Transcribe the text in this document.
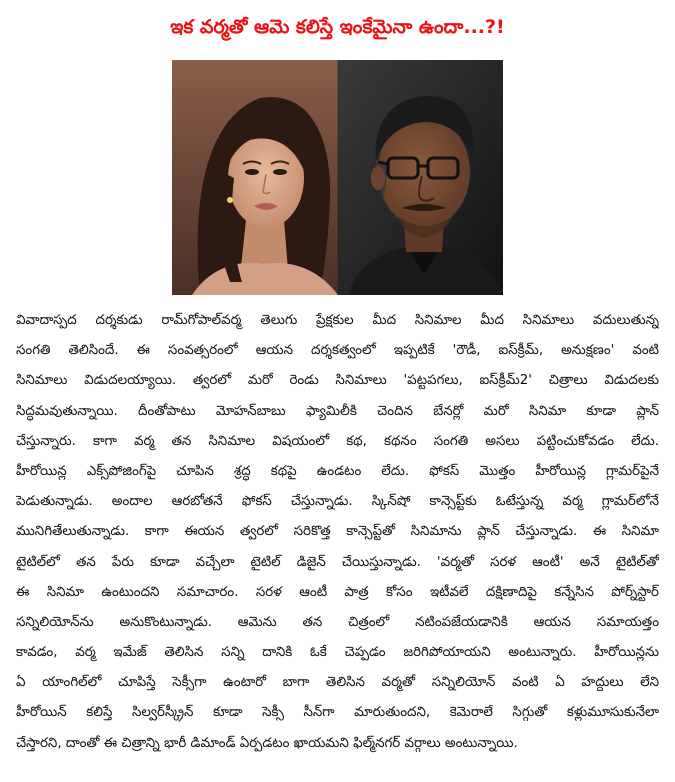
ఇక వర్మతో ఆమె కలిస్తే ఇంకేమైనా ఉందా...?!
వివాదాస్పద దర్శకుడు రామ్‌గోపాల్‌వర్మ తెలుగు ప్రేక్షకుల మీద సినిమాల మీద సినిమాలు వదులుతున్న
సంగతి తెలిసిందే. ఈ సంవత్సరంలో ఆయన దర్శకత్వంలో ఇప్పటికే 'రౌడీ, ఐస్‌క్రీమ్, అనుక్షణం' వంటి
సినిమాలు విడుదలయ్యాయి. త్వరలో మరో రెండు సినిమాలు 'పట్టపగలు, ఐస్‌క్రీమ్2' చిత్రాలు విడుదలకు
సిద్ధమవుతున్నాయి. దీంతోపాటు మోహన్‌బాబు ఫ్యామిలీకి చెందిన బేనర్లో మరో సినిమా కూడా ప్లాన్
చేస్తున్నారు. కాగా వర్మ తన సినిమాల విషయంలో కథ, కథనం సంగతి అసలు పట్టించుకోవడం లేదు.
హీరోయిన్ల ఎక్స్‌పోజింగ్‌పై చూపిన శ్రద్ధ కథపై ఉండటం లేదు. ఫోకస్ మొత్తం హీరోయిన్ల గ్లామర్‌పైనే
పెడుతున్నాడు. అందాల ఆరబోతనే ఫోకస్ చేస్తున్నాడు. స్కిన్‌షో కాన్సెప్ట్‌కు ఓటేస్తున్న వర్మ గ్లామర్‌లోనే
మునిగితేలుతున్నాడు. కాగా ఈయన త్వరలో సరికొత్త కాన్సెప్ట్‌తో సినిమాను ప్లాన్ చేస్తున్నాడు. ఈ సినిమా
టైటిల్‌లో తన పేరు కూడా వచ్చేలా టైటిల్ డిజైన్ చేయిస్తున్నాడు. 'వర్మతో సరళ ఆంటీ' అనే టైటిల్‌తో
ఈ సినిమా ఉంటుందని సమాచారం. సరళ ఆంటీ పాత్ర కోసం ఇటీవలే దక్షిణాదిపై కన్నేసిన పోర్న్‌స్టార్
సన్నిలియోన్‌ను అనుకొంటున్నాడు. ఆమెను తన చిత్రంలో నటింపజేయడానికి ఆయన సమాయత్తం
కావడం, వర్మ ఇమేజ్ తెలిసిన సన్ని దానికి ఓకే చెప్పడం జరిగిపోయాయని అంటున్నారు. హీరోయిన్లను
ఏ యాంగిల్‌లో చూపిస్తే సెక్సీగా ఉంటారో బాగా తెలిసిన వర్మతో సన్నిలియోన్ వంటి ఏ హద్దులు లేని
హీరోయిన్ కలిస్తే సిల్వర్‌స్క్రీన్ కూడా సెక్సీ సీన్‌గా మారుతుందని, కెమెరాలే సిగ్గుతో కళ్లుమూసుకునేలా
చేస్తారని, దాంతో ఈ చిత్రాన్ని భారీ డిమాండ్ ఏర్పడటం ఖాయమని ఫిల్మ్‌నగర్ వర్గాలు అంటున్నాయి.
